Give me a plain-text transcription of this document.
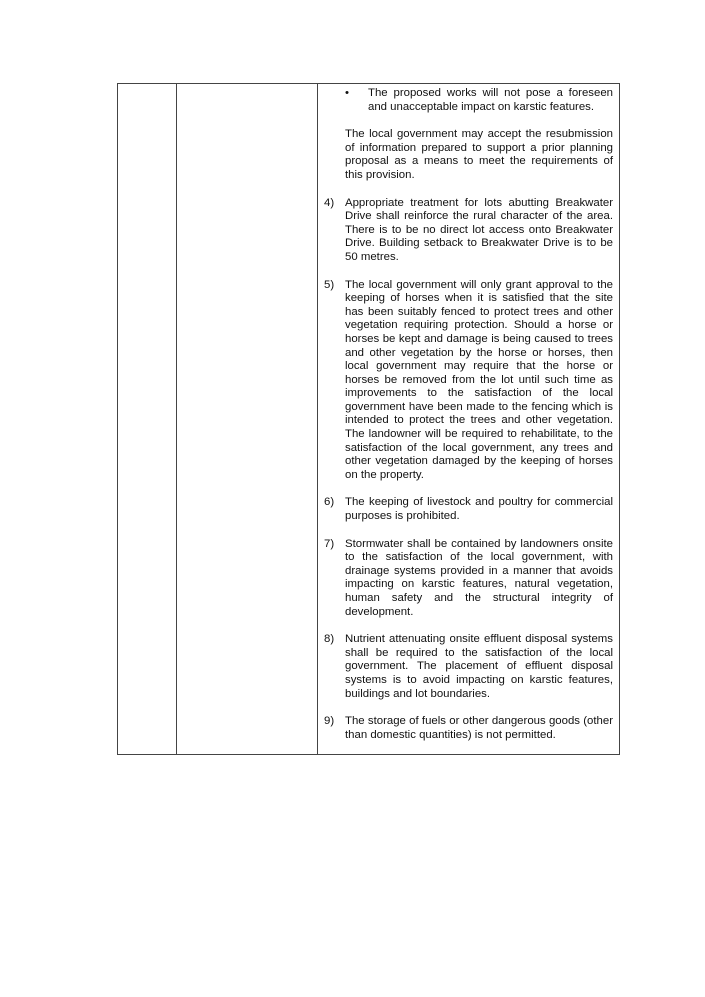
•	The proposed works will not pose a foreseen and unacceptable impact on karstic features.
The local government may accept the resubmission of information prepared to support a prior planning proposal as a means to meet the requirements of this provision.
4) Appropriate treatment for lots abutting Breakwater Drive shall reinforce the rural character of the area. There is to be no direct lot access onto Breakwater Drive. Building setback to Breakwater Drive is to be 50 metres.
5) The local government will only grant approval to the keeping of horses when it is satisfied that the site has been suitably fenced to protect trees and other vegetation requiring protection. Should a horse or horses be kept and damage is being caused to trees and other vegetation by the horse or horses, then local government may require that the horse or horses be removed from the lot until such time as improvements to the satisfaction of the local government have been made to the fencing which is intended to protect the trees and other vegetation. The landowner will be required to rehabilitate, to the satisfaction of the local government, any trees and other vegetation damaged by the keeping of horses on the property.
6) The keeping of livestock and poultry for commercial purposes is prohibited.
7) Stormwater shall be contained by landowners onsite to the satisfaction of the local government, with drainage systems provided in a manner that avoids impacting on karstic features, natural vegetation, human safety and the structural integrity of development.
8) Nutrient attenuating onsite effluent disposal systems shall be required to the satisfaction of the local government. The placement of effluent disposal systems is to avoid impacting on karstic features, buildings and lot boundaries.
9) The storage of fuels or other dangerous goods (other than domestic quantities) is not permitted.
